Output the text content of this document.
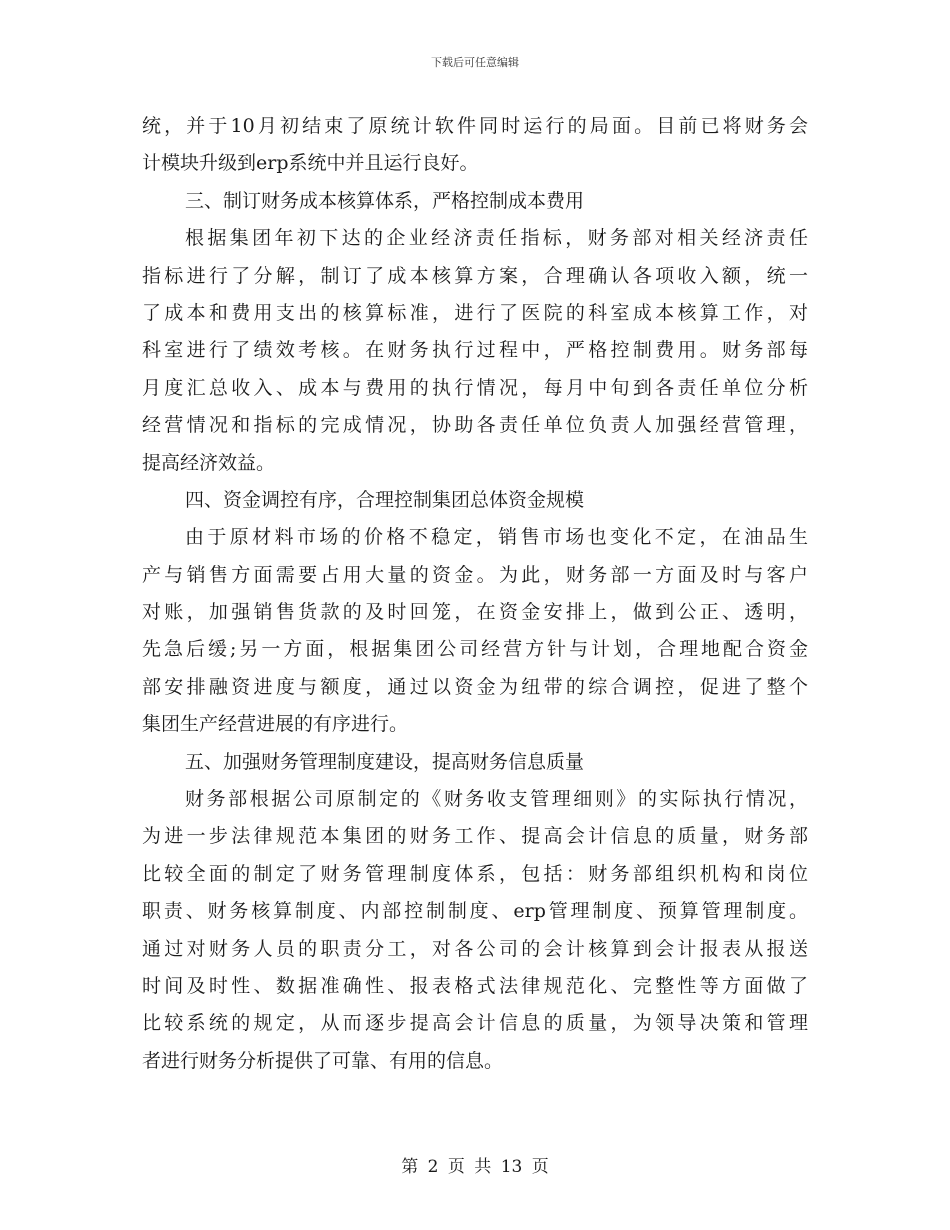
下载后可任意编辑
统，并于10月初结束了原统计软件同时运行的局面。目前已将财务会
计模块升级到erp系统中并且运行良好。
三、制订财务成本核算体系，严格控制成本费用
根据集团年初下达的企业经济责任指标，财务部对相关经济责任
指标进行了分解，制订了成本核算方案，合理确认各项收入额，统一
了成本和费用支出的核算标准，进行了医院的科室成本核算工作，对
科室进行了绩效考核。在财务执行过程中，严格控制费用。财务部每
月度汇总收入、成本与费用的执行情况，每月中旬到各责任单位分析
经营情况和指标的完成情况，协助各责任单位负责人加强经营管理，
提高经济效益。
四、资金调控有序，合理控制集团总体资金规模
由于原材料市场的价格不稳定，销售市场也变化不定，在油品生
产与销售方面需要占用大量的资金。为此，财务部一方面及时与客户
对账，加强销售货款的及时回笼，在资金安排上，做到公正、透明，
先急后缓;另一方面，根据集团公司经营方针与计划，合理地配合资金
部安排融资进度与额度，通过以资金为纽带的综合调控，促进了整个
集团生产经营进展的有序进行。
五、加强财务管理制度建设，提高财务信息质量
财务部根据公司原制定的《财务收支管理细则》的实际执行情况，
为进一步法律规范本集团的财务工作、提高会计信息的质量，财务部
比较全面的制定了财务管理制度体系，包括：财务部组织机构和岗位
职责、财务核算制度、内部控制制度、erp管理制度、预算管理制度。
通过对财务人员的职责分工，对各公司的会计核算到会计报表从报送
时间及时性、数据准确性、报表格式法律规范化、完整性等方面做了
比较系统的规定，从而逐步提高会计信息的质量，为领导决策和管理
者进行财务分析提供了可靠、有用的信息。
第 2 页 共 13 页
